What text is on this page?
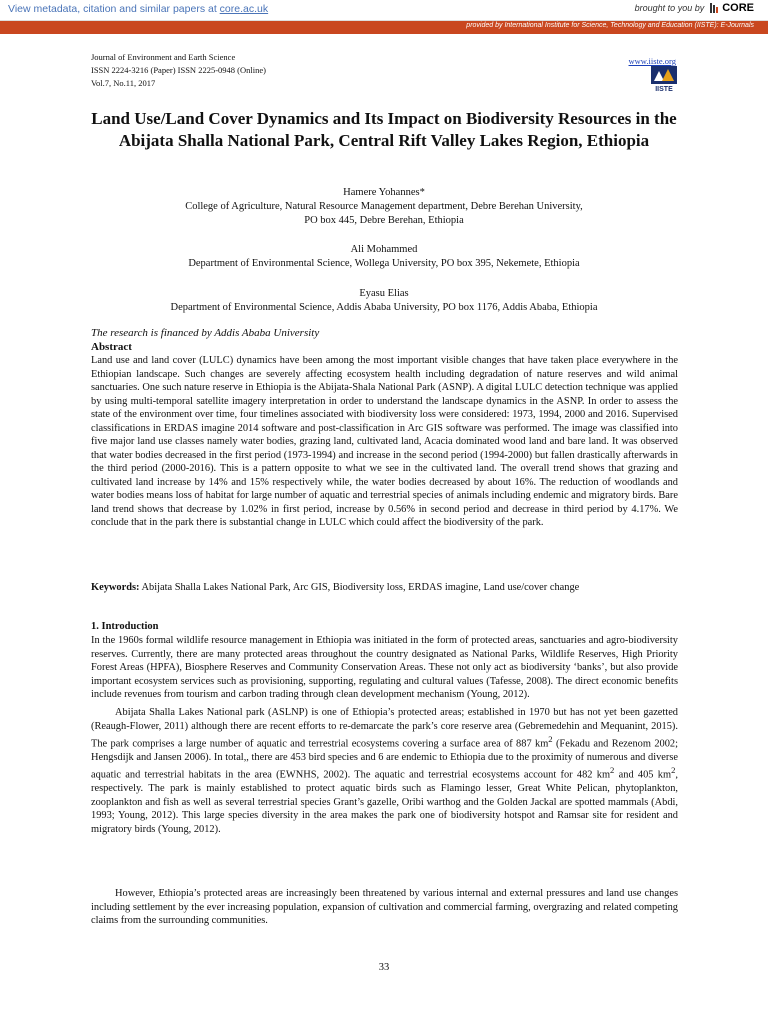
View metadata, citation and similar papers at core.ac.uk	brought to you by CORE
provided by International Institute for Science, Technology and Education (IISTE): E-Journals
Journal of Environment and Earth Science
ISSN 2224-3216 (Paper) ISSN 2225-0948 (Online)
Vol.7, No.11, 2017
www.iiste.org
IISTE
Land Use/Land Cover Dynamics and Its Impact on Biodiversity Resources in the Abijata Shalla National Park, Central Rift Valley Lakes Region, Ethiopia
Hamere Yohannes*
College of Agriculture, Natural Resource Management department, Debre Berehan University,
PO box 445, Debre Berehan, Ethiopia
Ali Mohammed
Department of Environmental Science, Wollega University, PO box 395, Nekemete, Ethiopia
Eyasu Elias
Department of Environmental Science, Addis Ababa University, PO box 1176, Addis Ababa, Ethiopia
The research is financed by Addis Ababa University
Abstract

Land use and land cover (LULC) dynamics have been among the most important visible changes that have taken place everywhere in the Ethiopian landscape. Such changes are severely affecting ecosystem health including degradation of nature reserves and wild animal sanctuaries. One such nature reserve in Ethiopia is the Abijata-Shala National Park (ASNP). A digital LULC detection technique was applied by using multi-temporal satellite imagery interpretation in order to understand the landscape dynamics in the ASNP. In order to assess the state of the environment over time, four timelines associated with biodiversity loss were considered: 1973, 1994, 2000 and 2016. Supervised classifications in ERDAS imagine 2014 software and post-classification in Arc GIS software was performed. The image was classified into five major land use classes namely water bodies, grazing land, cultivated land, Acacia dominated wood land and bare land. It was observed that water bodies decreased in the first period (1973-1994) and increase in the second period (1994-2000) but fallen drastically afterwards in the third period (2000-2016). This is a pattern opposite to what we see in the cultivated land. The overall trend shows that grazing and cultivated land increase by 14% and 15% respectively while, the water bodies decreased by about 16%. The reduction of woodlands and water bodies means loss of habitat for large number of aquatic and terrestrial species of animals including endemic and migratory birds. Bare land trend shows that decrease by 1.02% in first period, increase by 0.56% in second period and decrease in third period by 4.17%. We conclude that in the park there is substantial change in LULC which could affect the biodiversity of the park.

Keywords: Abijata Shalla Lakes National Park, Arc GIS, Biodiversity loss, ERDAS imagine, Land use/cover change

1. Introduction

In the 1960s formal wildlife resource management in Ethiopia was initiated in the form of protected areas, sanctuaries and agro-biodiversity reserves. Currently, there are many protected areas throughout the country designated as National Parks, Wildlife Reserves, High Priority Forest Areas (HPFA), Biosphere Reserves and Community Conservation Areas. These not only act as biodiversity ‘banks’, but also provide important ecosystem services such as provisioning, supporting, regulating and cultural values (Tafesse, 2008). The direct economic benefits include revenues from tourism and carbon trading through clean development mechanism (Young, 2012).

Abijata Shalla Lakes National park (ASLNP) is one of Ethiopia’s protected areas; established in 1970 but has not yet been gazetted (Reaugh-Flower, 2011) although there are recent efforts to re-demarcate the park’s core reserve area (Gebremedehin and Mequanint, 2015). The park comprises a large number of aquatic and terrestrial ecosystems covering a surface area of 887 $km^2$ (Fekadu and Rezenom 2002; Hengsdijk and Jansen 2006). In total,, there are 453 bird species and 6 are endemic to Ethiopia due to the proximity of numerous and diverse aquatic and terrestrial habitats in the area (EWNHS, 2002). The aquatic and terrestrial ecosystems account for 482 $km^2$ and 405 $km^2$, respectively. The park is mainly established to protect aquatic birds such as Flamingo lesser, Great White Pelican, phytoplankton, zooplankton and fish as well as several terrestrial species Grant’s gazelle, Oribi warthog and the Golden Jackal are spotted mammals (Abdi, 1993; Young, 2012). This large species diversity in the area makes the park one of biodiversity hotspot and Ramsar site for resident and migratory birds (Young, 2012).

However, Ethiopia’s protected areas are increasingly been threatened by various internal and external pressures and land use changes including settlement by the ever increasing population, expansion of cultivation and commercial farming, overgrazing and related competing claims from the surrounding communities.

33
